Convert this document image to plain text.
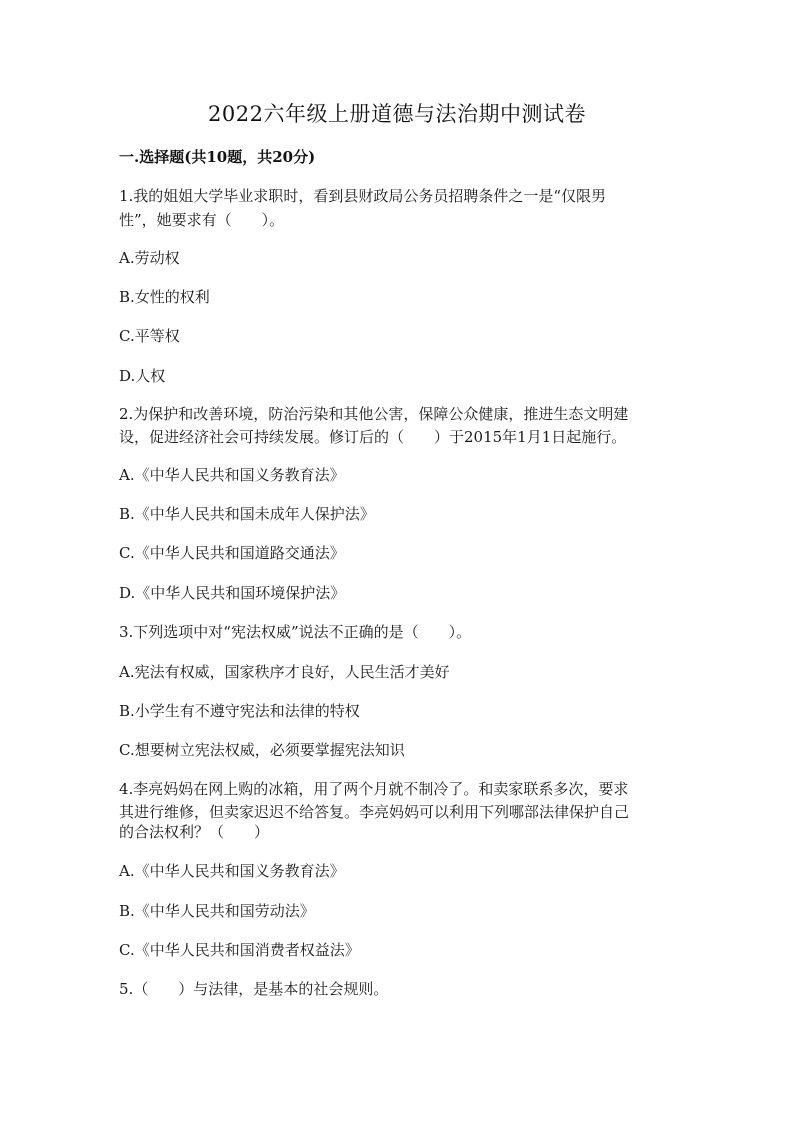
2022六年级上册道德与法治期中测试卷
一.选择题(共10题，共20分)
1.我的姐姐大学毕业求职时，看到县财政局公务员招聘条件之一是“仅限男
性”，她要求有（　　）。
A.劳动权
B.女性的权利
C.平等权
D.人权
2.为保护和改善环境，防治污染和其他公害，保障公众健康，推进生态文明建
设，促进经济社会可持续发展。修订后的（　　）于2015年1月1日起施行。
A.《中华人民共和国义务教育法》
B.《中华人民共和国未成年人保护法》
C.《中华人民共和国道路交通法》
D.《中华人民共和国环境保护法》
3.下列选项中对“宪法权威”说法不正确的是（　　）。
A.宪法有权威，国家秩序才良好，人民生活才美好
B.小学生有不遵守宪法和法律的特权
C.想要树立宪法权威，必须要掌握宪法知识
4.李亮妈妈在网上购的冰箱，用了两个月就不制冷了。和卖家联系多次，要求
其进行维修，但卖家迟迟不给答复。李亮妈妈可以利用下列哪部法律保护自己
的合法权利？（　　）
A.《中华人民共和国义务教育法》
B.《中华人民共和国劳动法》
C.《中华人民共和国消费者权益法》
5.（　　）与法律，是基本的社会规则。
